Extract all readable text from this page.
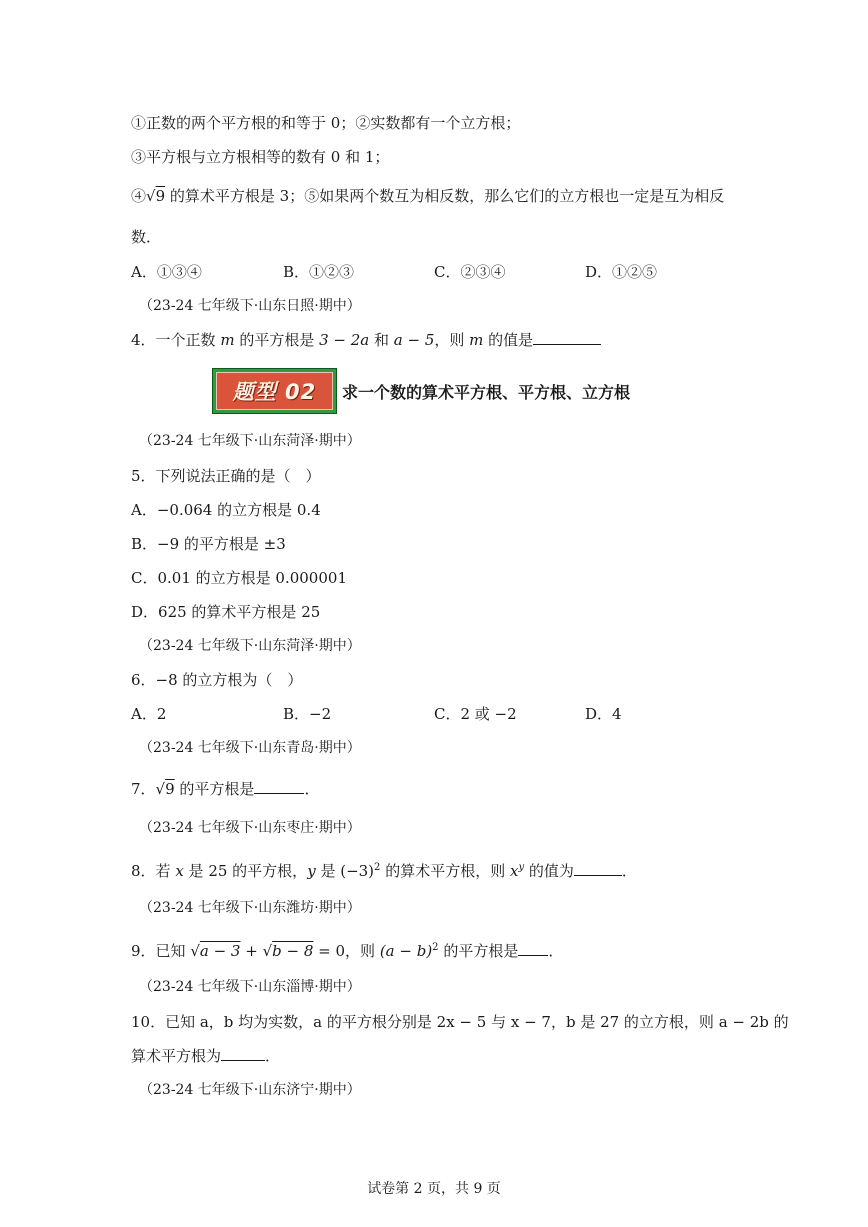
①正数的两个平方根的和等于 0；②实数都有一个立方根；
③平方根与立方根相等的数有 0 和 1；
④√9 的算术平方根是 3；⑤如果两个数互为相反数，那么它们的立方根也一定是互为相反
数．
A．①③④	B．①②③	C．②③④	D．①②⑤
（23-24 七年级下·山东日照·期中）
4．一个正数 m 的平方根是 3 − 2a 和 a − 5，则 m 的值是
题型 02 求一个数的算术平方根、平方根、立方根
（23-24 七年级下·山东菏泽·期中）
5．下列说法正确的是（　）
A．−0.064 的立方根是 0.4
B．−9 的平方根是 ±3
C．0.01 的立方根是 0.000001
D．625 的算术平方根是 25
（23-24 七年级下·山东菏泽·期中）
6．−8 的立方根为（　）
A．2	B．−2	C．2 或 −2	D．4
（23-24 七年级下·山东青岛·期中）
7．√9 的平方根是	．
（23-24 七年级下·山东枣庄·期中）
8．若 x 是 25 的平方根，y 是 $(-3)^2$ 的算术平方根，则 $x^y$ 的值为	．
（23-24 七年级下·山东潍坊·期中）
9．已知 √a − 3 + √b − 8 = 0，则 $(a - b)^2$ 的平方根是 ．
（23-24 七年级下·山东淄博·期中）
10．已知 a，b 均为实数，a 的平方根分别是 2x − 5 与 x − 7，b 是 27 的立方根，则 a − 2b 的
算术平方根为	．
（23-24 七年级下·山东济宁·期中）
试卷第 2 页，共 9 页
